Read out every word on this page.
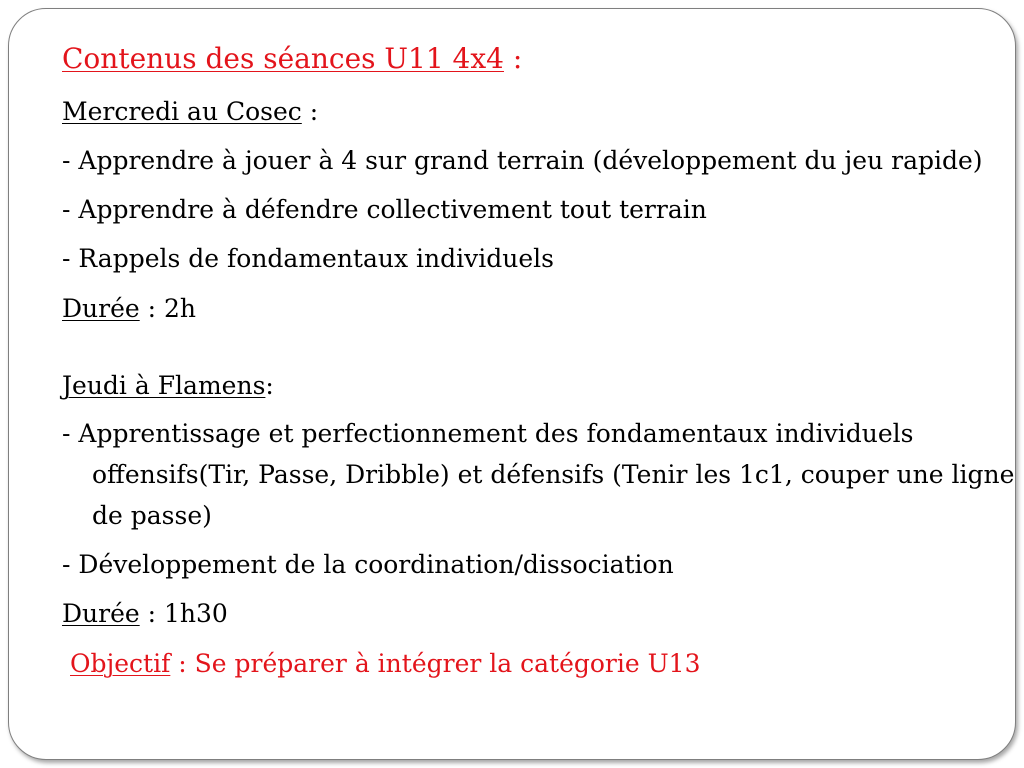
Contenus des séances U11 4x4 :
Mercredi au Cosec :
- Apprendre à jouer à 4 sur grand terrain (développement du jeu rapide)
- Apprendre à défendre collectivement tout terrain
- Rappels de fondamentaux individuels
Durée : 2h
Jeudi à Flamens:
- Apprentissage et perfectionnement des fondamentaux individuels offensifs(Tir, Passe, Dribble) et défensifs (Tenir les 1c1, couper une ligne de passe)
- Développement de la coordination/dissociation
Durée : 1h30
Objectif : Se préparer à intégrer la catégorie U13
